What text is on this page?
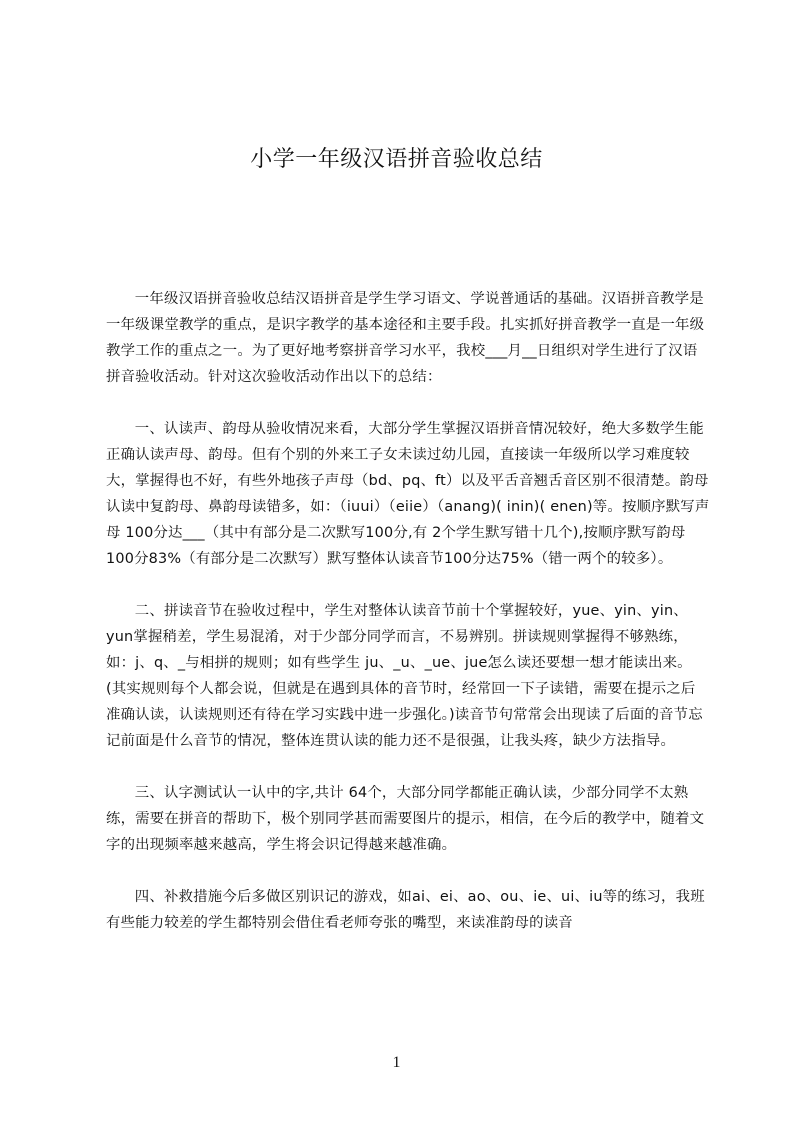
小学一年级汉语拼音验收总结

一年级汉语拼音验收总结汉语拼音是学生学习语文、学说普通话的基础。汉语拼音教学是一年级课堂教学的重点，是识字教学的基本途径和主要手段。扎实抓好拼音教学一直是一年级教学工作的重点之一。为了更好地考察拼音学习水平，我校___月__日组织对学生进行了汉语拼音验收活动。针对这次验收活动作出以下的总结：

一、认读声、韵母从验收情况来看，大部分学生掌握汉语拼音情况较好，绝大多数学生能正确认读声母、韵母。但有个别的外来工子女未读过幼儿园，直接读一年级所以学习难度较大，掌握得也不好，有些外地孩子声母（bd、pq、ft）以及平舌音翘舌音区别不很清楚。韵母认读中复韵母、鼻韵母读错多，如：（iuui）（eiie）（anang)( inin)( enen)等。按顺序默写声母 100分达___（其中有部分是二次默写100分,有 2个学生默写错十几个),按顺序默写韵母 100分83%（有部分是二次默写）默写整体认读音节100分达75%（错一两个的较多）。

二、拼读音节在验收过程中，学生对整体认读音节前十个掌握较好，yue、yin、yin、yun掌握稍差，学生易混淆，对于少部分同学而言，不易辨别。拼读规则掌握得不够熟练，如：j、q、_与相拼的规则；如有些学生 ju、_u、_ue、jue怎么读还要想一想才能读出来。(其实规则每个人都会说，但就是在遇到具体的音节时，经常回一下子读错，需要在提示之后准确认读，认读规则还有待在学习实践中进一步强化。)读音节句常常会出现读了后面的音节忘记前面是什么音节的情况，整体连贯认读的能力还不是很强，让我头疼，缺少方法指导。

三、认字测试认一认中的字,共计 64个，大部分同学都能正确认读，少部分同学不太熟练，需要在拼音的帮助下，极个别同学甚而需要图片的提示，相信，在今后的教学中，随着文字的出现频率越来越高，学生将会识记得越来越准确。

四、补救措施今后多做区别识记的游戏，如ai、ei、ao、ou、ie、ui、iu等的练习，我班有些能力较差的学生都特别会借住看老师夸张的嘴型，来读准韵母的读音

1
